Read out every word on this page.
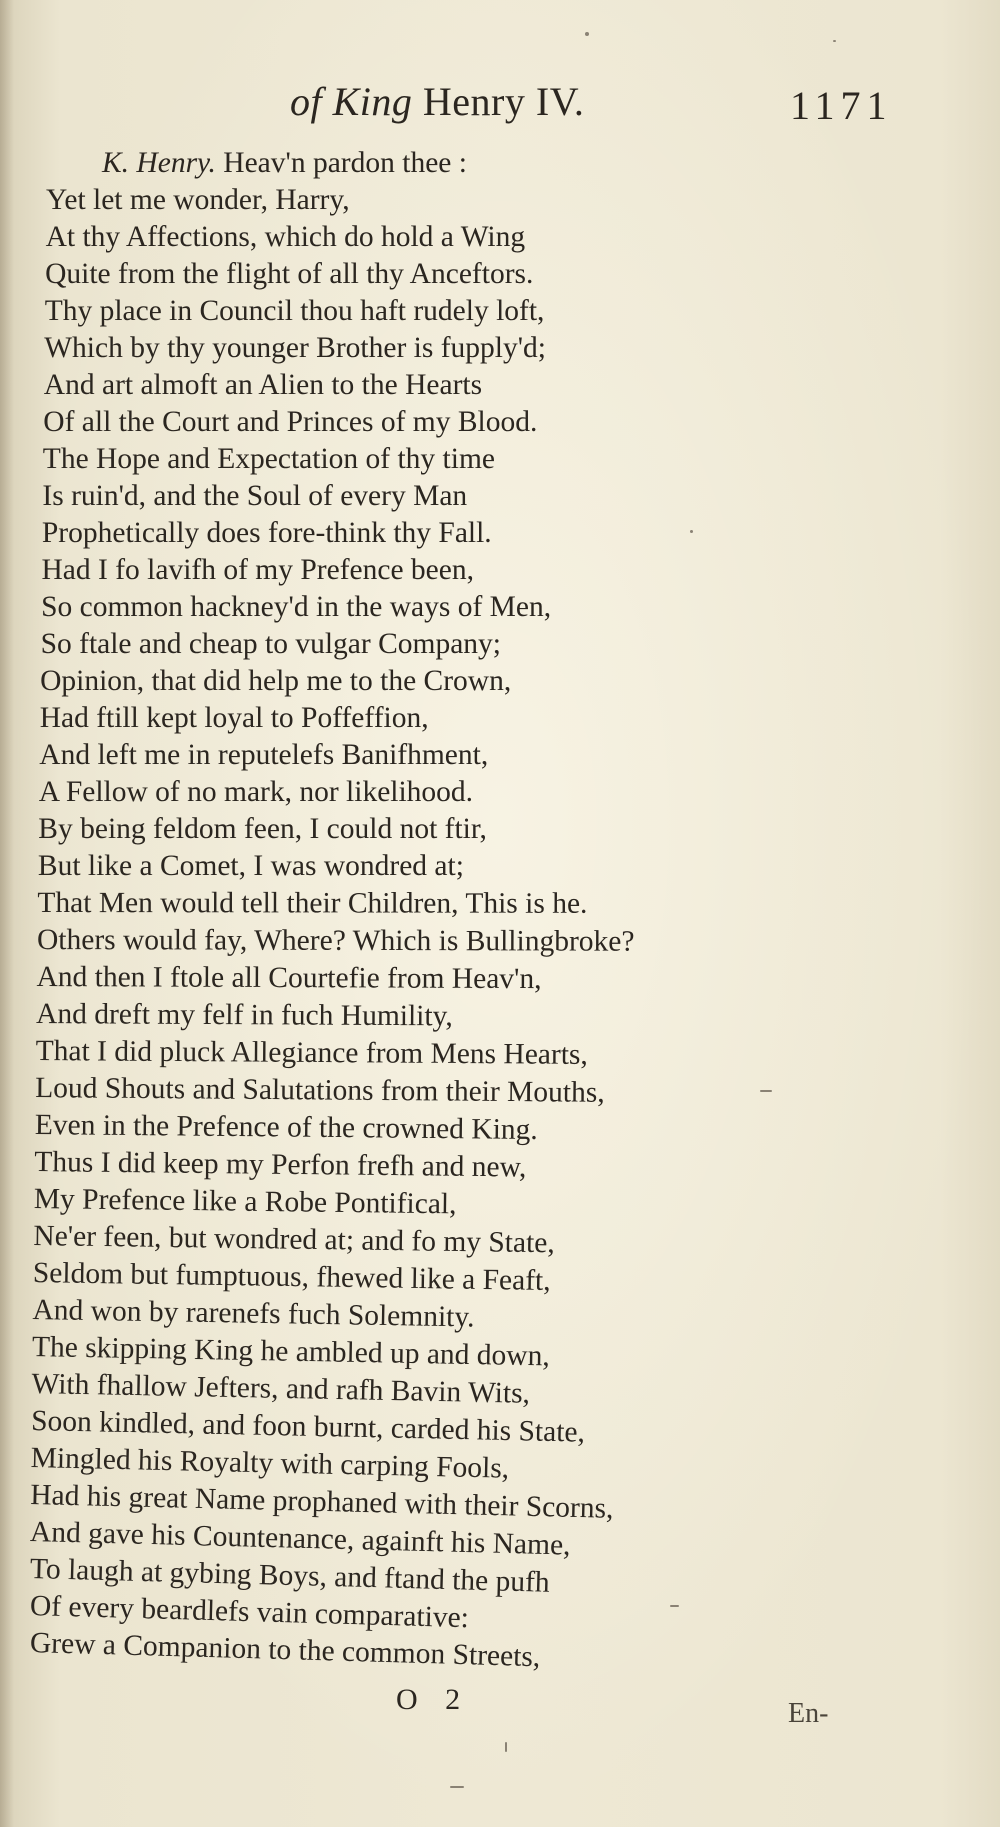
of King Henry IV.	1171
K. Henry. Heav'n pardon thee :
Yet let me wonder, Harry,
At thy Affections, which do hold a Wing
Quite from the flight of all thy Anceftors.
Thy place in Council thou haft rudely loft,
Which by thy younger Brother is fupply'd;
And art almoft an Alien to the Hearts
Of all the Court and Princes of my Blood.
The Hope and Expectation of thy time
Is ruin'd, and the Soul of every Man
Prophetically does fore-think thy Fall.
Had I fo lavifh of my Prefence been,
So common hackney'd in the ways of Men,
So ftale and cheap to vulgar Company;
Opinion, that did help me to the Crown,
Had ftill kept loyal to Poffeffion,
And left me in reputelefs Banifhment,
A Fellow of no mark, nor likelihood.
By being feldom feen, I could not ftir,
But like a Comet, I was wondred at;
That Men would tell their Children, This is he.
Others would fay, Where? Which is Bullingbroke?
And then I ftole all Courtefie from Heav'n,
And dreft my felf in fuch Humility,
That I did pluck Allegiance from Mens Hearts,
Loud Shouts and Salutations from their Mouths,
Even in the Prefence of the crowned King.
Thus I did keep my Perfon frefh and new,
My Prefence like a Robe Pontifical,
Ne'er feen, but wondred at; and fo my State,
Seldom but fumptuous, fhewed like a Feaft,
And won by rarenefs fuch Solemnity.
The skipping King he ambled up and down,
With fhallow Jefters, and rafh Bavin Wits,
Soon kindled, and foon burnt, carded his State,
Mingled his Royalty with carping Fools,
Had his great Name prophaned with their Scorns,
And gave his Countenance, againft his Name,
To laugh at gybing Boys, and ftand the pufh
Of every beardlefs vain comparative:
Grew a Companion to the common Streets,
O 2	En-
